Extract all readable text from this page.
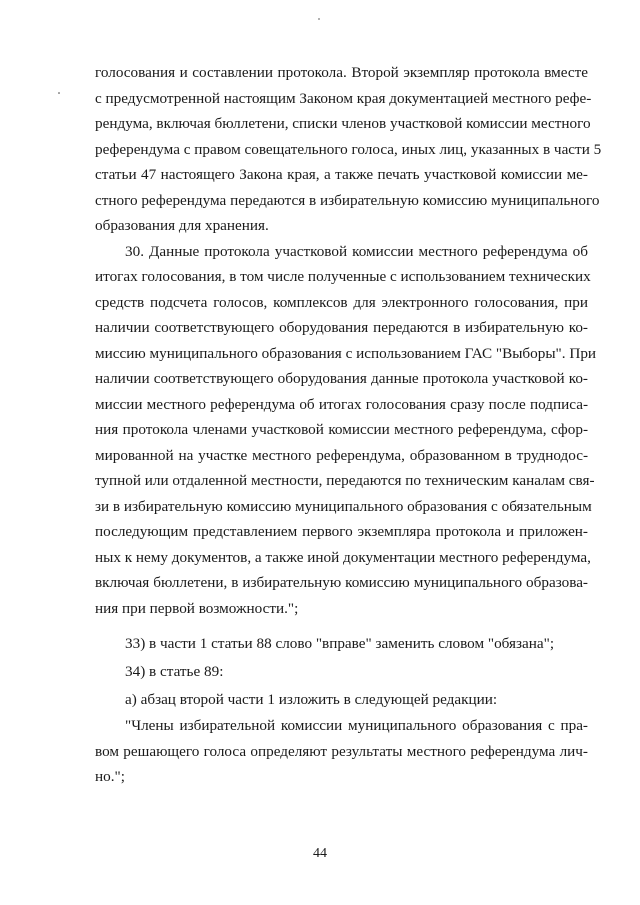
голосования и составлении протокола. Второй экземпляр протокола вместе
с предусмотренной настоящим Законом края документацией местного рефе-
рендума, включая бюллетени, списки членов участковой комиссии местного
референдума с правом совещательного голоса, иных лиц, указанных в части 5
статьи 47 настоящего Закона края, а также печать участковой комиссии ме-
стного референдума передаются в избирательную комиссию муниципального
образования для хранения.
30. Данные протокола участковой комиссии местного референдума об
итогах голосования, в том числе полученные с использованием технических
средств подсчета голосов, комплексов для электронного голосования, при
наличии соответствующего оборудования передаются в избирательную ко-
миссию муниципального образования с использованием ГАС "Выборы". При
наличии соответствующего оборудования данные протокола участковой ко-
миссии местного референдума об итогах голосования сразу после подписа-
ния протокола членами участковой комиссии местного референдума, сфор-
мированной на участке местного референдума, образованном в труднодос-
тупной или отдаленной местности, передаются по техническим каналам свя-
зи в избирательную комиссию муниципального образования с обязательным
последующим представлением первого экземпляра протокола и приложен-
ных к нему документов, а также иной документации местного референдума,
включая бюллетени, в избирательную комиссию муниципального образова-
ния при первой возможности.";
33) в части 1 статьи 88 слово "вправе" заменить словом "обязана";
34) в статье 89:
а) абзац второй части 1 изложить в следующей редакции:
"Члены избирательной комиссии муниципального образования с пра-
вом решающего голоса определяют результаты местного референдума лич-
но.";
44
